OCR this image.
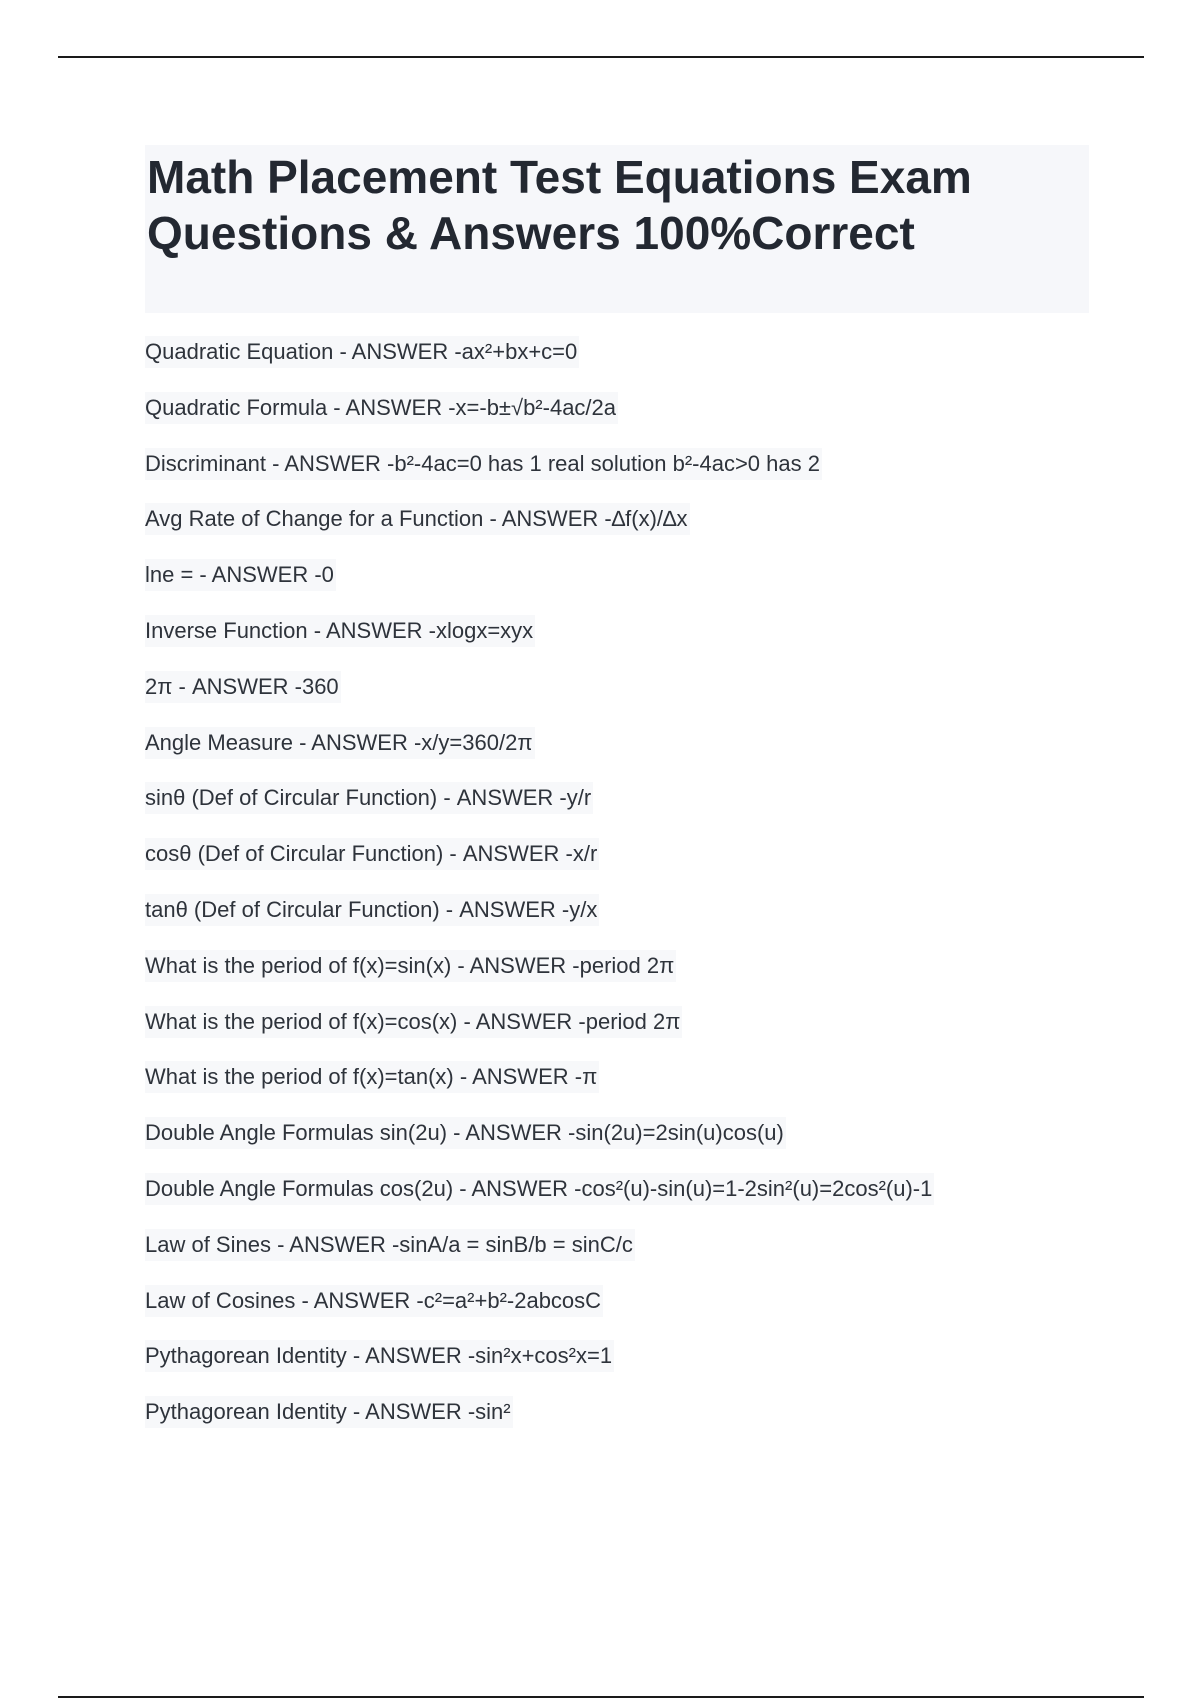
Math Placement Test Equations Exam Questions & Answers 100%Correct
Quadratic Equation - ANSWER -ax²+bx+c=0
Quadratic Formula - ANSWER -x=-b±√b²-4ac/2a
Discriminant - ANSWER -b²-4ac=0 has 1 real solution b²-4ac>0 has 2
Avg Rate of Change for a Function - ANSWER -∆f(x)/∆x
lne = - ANSWER -0
Inverse Function - ANSWER -xlogx=xyx
2π - ANSWER -360
Angle Measure - ANSWER -x/y=360/2π
sinθ (Def of Circular Function) - ANSWER -y/r
cosθ (Def of Circular Function) - ANSWER -x/r
tanθ (Def of Circular Function) - ANSWER -y/x
What is the period of f(x)=sin(x) - ANSWER -period 2π
What is the period of f(x)=cos(x) - ANSWER -period 2π
What is the period of f(x)=tan(x) - ANSWER -π
Double Angle Formulas sin(2u) - ANSWER -sin(2u)=2sin(u)cos(u)
Double Angle Formulas cos(2u) - ANSWER -cos²(u)-sin(u)=1-2sin²(u)=2cos²(u)-1
Law of Sines - ANSWER -sinA/a = sinB/b = sinC/c
Law of Cosines - ANSWER -c²=a²+b²-2abcosC
Pythagorean Identity - ANSWER -sin²x+cos²x=1
Pythagorean Identity - ANSWER -sin²
